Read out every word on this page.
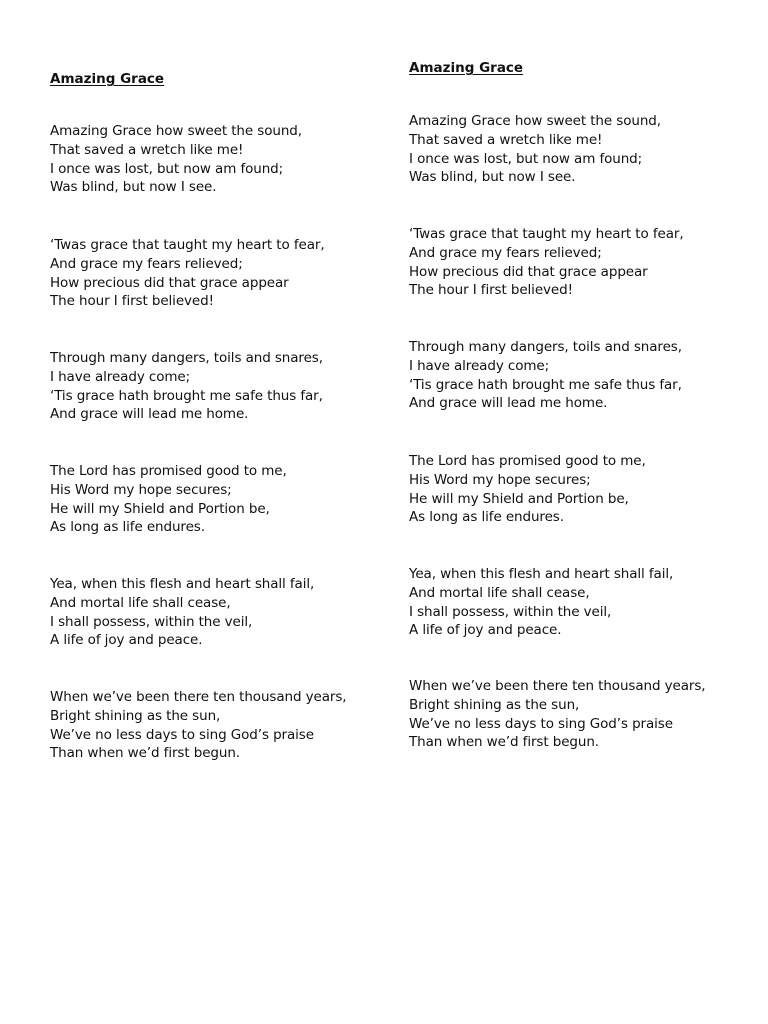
Amazing Grace
Amazing Grace how sweet the sound,
That saved a wretch like me!
I once was lost, but now am found;
Was blind, but now I see.
‘Twas grace that taught my heart to fear,
And grace my fears relieved;
How precious did that grace appear
The hour I first believed!
Through many dangers, toils and snares,
I have already come;
‘Tis grace hath brought me safe thus far,
And grace will lead me home.
The Lord has promised good to me,
His Word my hope secures;
He will my Shield and Portion be,
As long as life endures.
Yea, when this flesh and heart shall fail,
And mortal life shall cease,
I shall possess, within the veil,
A life of joy and peace.
When we’ve been there ten thousand years,
Bright shining as the sun,
We’ve no less days to sing God’s praise
Than when we’d first begun.
Amazing Grace
Amazing Grace how sweet the sound,
That saved a wretch like me!
I once was lost, but now am found;
Was blind, but now I see.
‘Twas grace that taught my heart to fear,
And grace my fears relieved;
How precious did that grace appear
The hour I first believed!
Through many dangers, toils and snares,
I have already come;
‘Tis grace hath brought me safe thus far,
And grace will lead me home.
The Lord has promised good to me,
His Word my hope secures;
He will my Shield and Portion be,
As long as life endures.
Yea, when this flesh and heart shall fail,
And mortal life shall cease,
I shall possess, within the veil,
A life of joy and peace.
When we’ve been there ten thousand years,
Bright shining as the sun,
We’ve no less days to sing God’s praise
Than when we’d first begun.
